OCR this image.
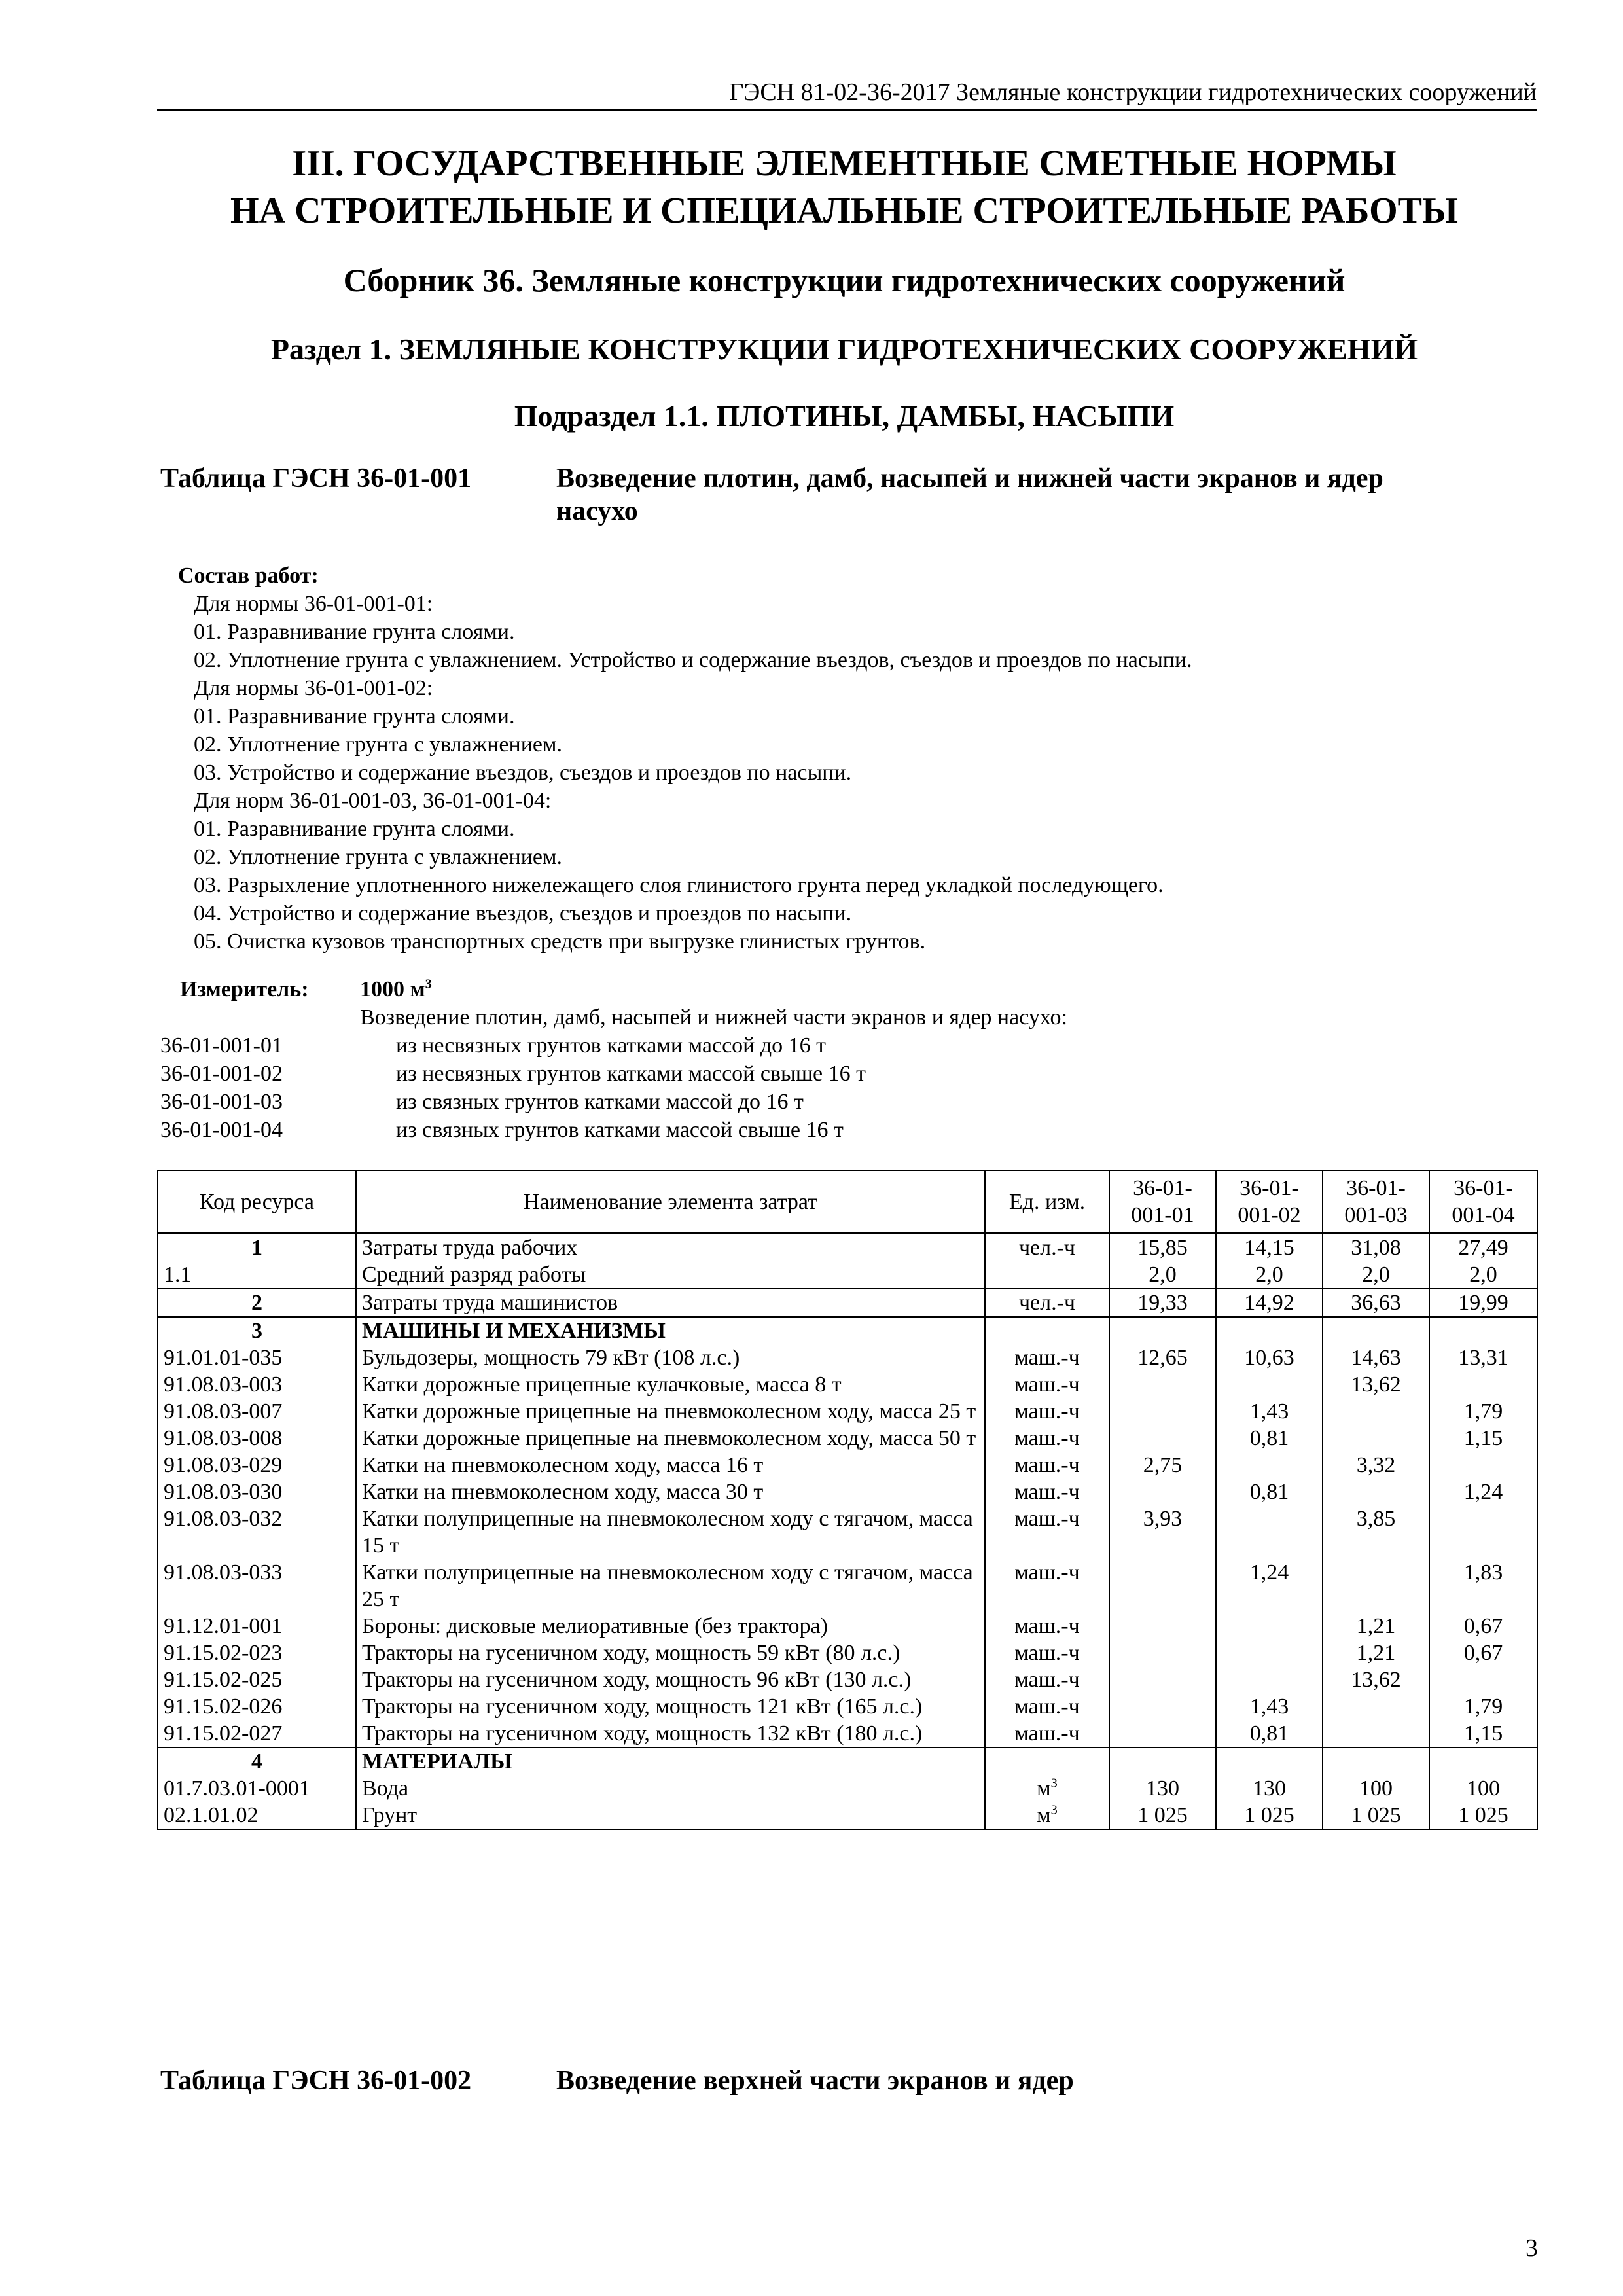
ГЭСН 81-02-36-2017 Земляные конструкции гидротехнических сооружений
III. ГОСУДАРСТВЕННЫЕ ЭЛЕМЕНТНЫЕ СМЕТНЫЕ НОРМЫ
НА СТРОИТЕЛЬНЫЕ И СПЕЦИАЛЬНЫЕ СТРОИТЕЛЬНЫЕ РАБОТЫ
Сборник 36. Земляные конструкции гидротехнических сооружений
Раздел 1. ЗЕМЛЯНЫЕ КОНСТРУКЦИИ ГИДРОТЕХНИЧЕСКИХ СООРУЖЕНИЙ
Подраздел 1.1. ПЛОТИНЫ, ДАМБЫ, НАСЫПИ
Таблица ГЭСН 36-01-001	Возведение плотин, дамб, насыпей и нижней части экранов и ядер
насухо
Состав работ:
Для нормы 36-01-001-01:
01. Разравнивание грунта слоями.
02. Уплотнение грунта с увлажнением. Устройство и содержание въездов, съездов и проездов по насыпи.
Для нормы 36-01-001-02:
01. Разравнивание грунта слоями.
02. Уплотнение грунта с увлажнением.
03. Устройство и содержание въездов, съездов и проездов по насыпи.
Для норм 36-01-001-03, 36-01-001-04:
01. Разравнивание грунта слоями.
02. Уплотнение грунта с увлажнением.
03. Разрыхление уплотненного нижележащего слоя глинистого грунта перед укладкой последующего.
04. Устройство и содержание въездов, съездов и проездов по насыпи.
05. Очистка кузовов транспортных средств при выгрузке глинистых грунтов.
Измеритель: 1000 $м^3$
Возведение плотин, дамб, насыпей и нижней части экранов и ядер насухо:
36-01-001-01	из несвязных грунтов катками массой до 16 т
36-01-001-02	из несвязных грунтов катками массой свыше 16 т
36-01-001-03	из связных грунтов катками массой до 16 т
36-01-001-04	из связных грунтов катками массой свыше 16 т
Код ресурса	Наименование элемента затрат	Ед. изм.	36-01-001-01	36-01-001-02	36-01-001-03	36-01-001-04
1	Затраты труда рабочих	чел.-ч	15,85	14,15	31,08	27,49
1.1	Средний разряд работы		2,0	2,0	2,0	2,0
2	Затраты труда машинистов	чел.-ч	19,33	14,92	36,63	19,99
3	МАШИНЫ И МЕХАНИЗМЫ					
91.01.01-035	Бульдозеры, мощность 79 кВт (108 л.с.)	маш.-ч	12,65	10,63	14,63	13,31
91.08.03-003	Катки дорожные прицепные кулачковые, масса 8 т	маш.-ч			13,62	
91.08.03-007	Катки дорожные прицепные на пневмоколесном ходу, масса 25 т	маш.-ч		1,43		1,79
91.08.03-008	Катки дорожные прицепные на пневмоколесном ходу, масса 50 т	маш.-ч		0,81		1,15
91.08.03-029	Катки на пневмоколесном ходу, масса 16 т	маш.-ч	2,75		3,32	
91.08.03-030	Катки на пневмоколесном ходу, масса 30 т	маш.-ч		0,81		1,24
91.08.03-032	Катки полуприцепные на пневмоколесном ходу с тягачом, масса 15 т	маш.-ч	3,93		3,85	
91.08.03-033	Катки полуприцепные на пневмоколесном ходу с тягачом, масса 25 т	маш.-ч		1,24		1,83
91.12.01-001	Бороны: дисковые мелиоративные (без трактора)	маш.-ч			1,21	0,67
91.15.02-023	Тракторы на гусеничном ходу, мощность 59 кВт (80 л.с.)	маш.-ч			1,21	0,67
91.15.02-025	Тракторы на гусеничном ходу, мощность 96 кВт (130 л.с.)	маш.-ч			13,62	
91.15.02-026	Тракторы на гусеничном ходу, мощность 121 кВт (165 л.с.)	маш.-ч		1,43		1,79
91.15.02-027	Тракторы на гусеничном ходу, мощность 132 кВт (180 л.с.)	маш.-ч		0,81		1,15
4	МАТЕРИАЛЫ					
01.7.03.01-0001	Вода	$м^3$	130	130	100	100
02.1.01.02	Грунт	$м^3$	1 025	1 025	1 025	1 025
Таблица ГЭСН 36-01-002	Возведение верхней части экранов и ядер
3
